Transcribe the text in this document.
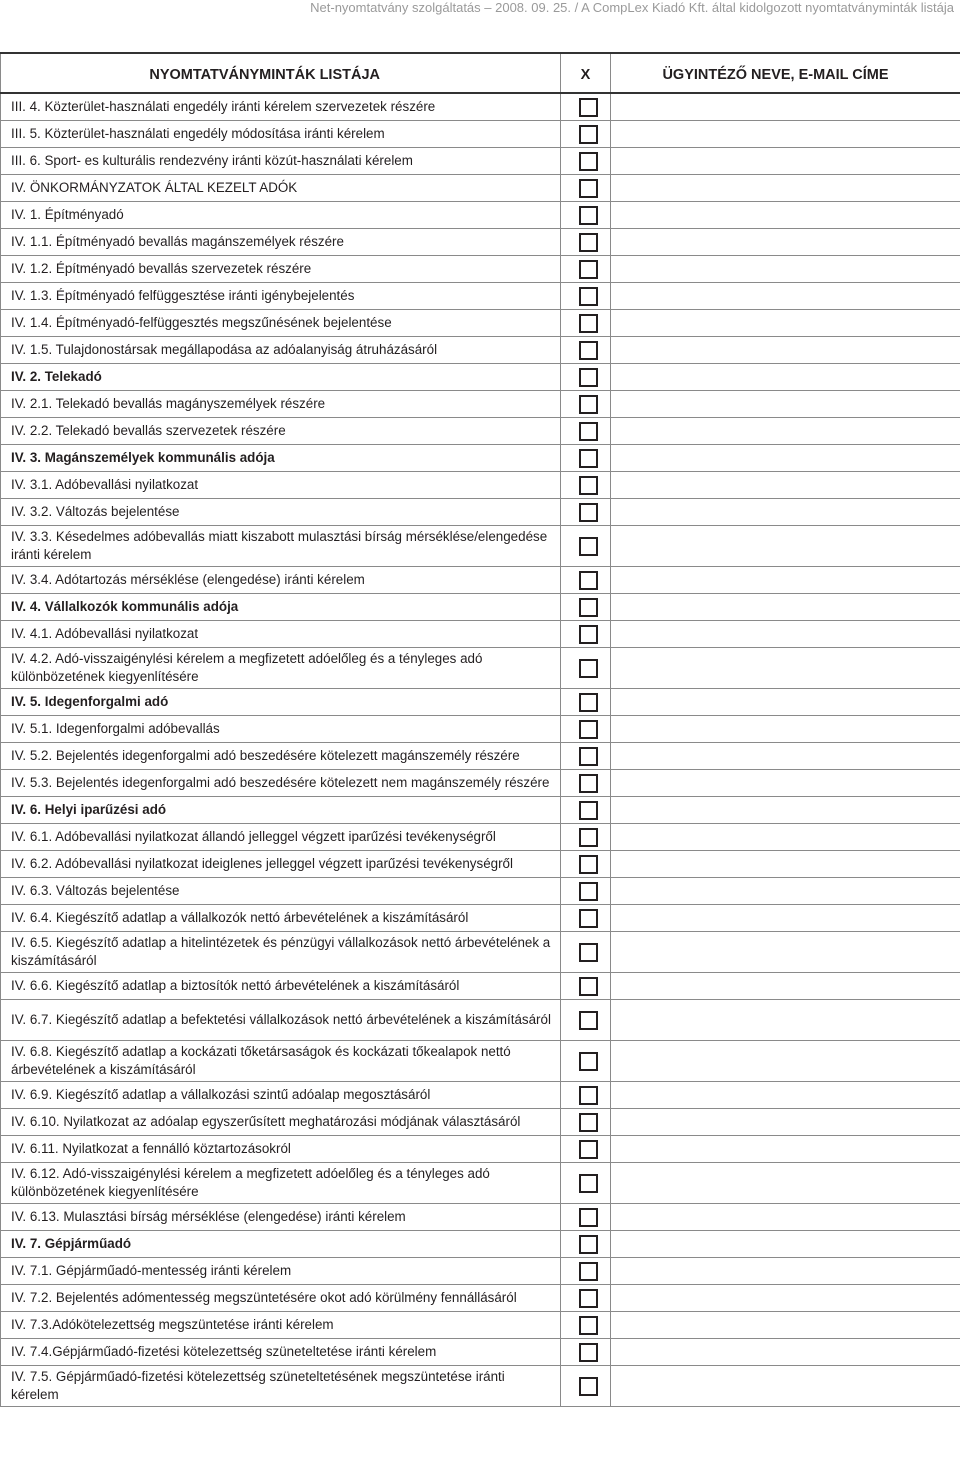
Net-nyomtatvány szolgáltatás – 2008. 09. 25. / A CompLex Kiadó Kft. által kidolgozott nyomtatványminták listája
NYOMTATVÁNYMINTÁK LISTÁJA	X	ÜGYINTÉZŐ NEVE, E-MAIL CÍME
III. 4. Közterület-használati engedély iránti kérelem szervezetek részére		
III. 5. Közterület-használati engedély módosítása iránti kérelem		
III. 6. Sport- es kulturális rendezvény iránti közút-használati kérelem		
IV. ÖNKORMÁNYZATOK ÁLTAL KEZELT ADÓK		
IV. 1. Építményadó		
IV. 1.1. Építményadó bevallás magánszemélyek részére		
IV. 1.2. Építményadó bevallás szervezetek részére		
IV. 1.3. Építményadó felfüggesztése iránti igénybejelentés		
IV. 1.4. Építményadó-felfüggesztés megszűnésének bejelentése		
IV. 1.5. Tulajdonostársak megállapodása az adóalanyiság átruházásáról		
IV. 2. Telekadó		
IV. 2.1. Telekadó bevallás magányszemélyek részére		
IV. 2.2. Telekadó bevallás szervezetek részére		
IV. 3. Magánszemélyek kommunális adója		
IV. 3.1. Adóbevallási nyilatkozat		
IV. 3.2. Változás bejelentése		
IV. 3.3. Késedelmes adóbevallás miatt kiszabott mulasztási bírság mérséklése/elengedése iránti kérelem		
IV. 3.4. Adótartozás mérséklése (elengedése) iránti kérelem		
IV. 4. Vállalkozók kommunális adója		
IV. 4.1. Adóbevallási nyilatkozat		
IV. 4.2. Adó-visszaigénylési kérelem a megfizetett adóelőleg és a tényleges adó különbözetének kiegyenlítésére		
IV. 5. Idegenforgalmi adó		
IV. 5.1. Idegenforgalmi adóbevallás		
IV. 5.2. Bejelentés idegenforgalmi adó beszedésére kötelezett magánszemély részére		
IV. 5.3. Bejelentés idegenforgalmi adó beszedésére kötelezett nem magánszemély részére		
IV. 6. Helyi iparűzési adó		
IV. 6.1. Adóbevallási nyilatkozat állandó jelleggel végzett iparűzési tevékenységről		
IV. 6.2. Adóbevallási nyilatkozat ideiglenes jelleggel végzett iparűzési tevékenységről		
IV. 6.3. Változás bejelentése		
IV. 6.4. Kiegészítő adatlap a vállalkozók nettó árbevételének a kiszámításáról		
IV. 6.5. Kiegészítő adatlap a hitelintézetek és pénzügyi vállalkozások nettó árbevételének a kiszámításáról		
IV. 6.6. Kiegészítő adatlap a biztosítók nettó árbevételének a kiszámításáról		
IV. 6.7. Kiegészítő adatlap a befektetési vállalkozások nettó árbevételének a kiszámításáról		
IV. 6.8. Kiegészítő adatlap a kockázati tőketársaságok és kockázati tőkealapok nettó árbevételének a kiszámításáról		
IV. 6.9. Kiegészítő adatlap a vállalkozási szintű adóalap megosztásáról		
IV. 6.10. Nyilatkozat az adóalap egyszerűsített meghatározási módjának választásáról		
IV. 6.11. Nyilatkozat a fennálló köztartozásokról		
IV. 6.12. Adó-visszaigénylési kérelem a megfizetett adóelőleg és a tényleges adó különbözetének kiegyenlítésére		
IV. 6.13. Mulasztási bírság mérséklése (elengedése) iránti kérelem		
IV. 7. Gépjárműadó		
IV. 7.1. Gépjárműadó-mentesség iránti kérelem		
IV. 7.2. Bejelentés adómentesség megszüntetésére okot adó körülmény fennállásáról		
IV. 7.3.Adókötelezettség megszüntetése iránti kérelem		
IV. 7.4.Gépjárműadó-fizetési kötelezettség szüneteltetése iránti kérelem		
IV. 7.5. Gépjárműadó-fizetési kötelezettség szüneteltetésének megszüntetése iránti kérelem		
